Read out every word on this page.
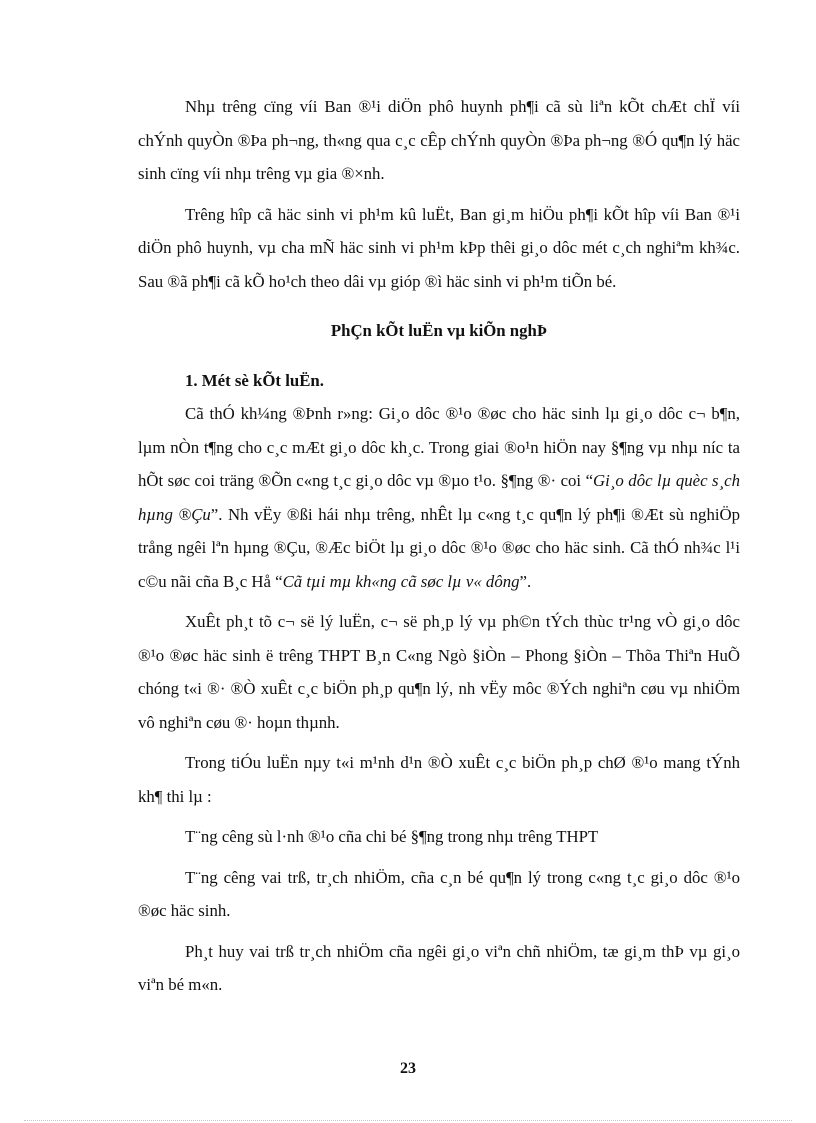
Nhµ trêng cïng víi Ban ®¹i diÖn phô huynh ph¶i cã sù liªn kÕt chÆt chÏ víi chÝnh quyÒn ®Þa ph¬ng, th«ng qua c¸c cÊp chÝnh quyÒn ®Þa ph¬ng ®Ó qu¶n lý häc sinh cïng víi nhµ trêng vµ gia ®×nh.

Trêng hîp cã häc sinh vi ph¹m kû luËt, Ban gi¸m hiÖu ph¶i kÕt hîp víi Ban ®¹i diÖn phô huynh, vµ cha mÑ häc sinh vi ph¹m kÞp thêi gi¸o dôc mét c¸ch nghiªm kh¾c. Sau ®ã ph¶i cã kÕ ho¹ch theo dâi vµ gióp ®ì häc sinh vi ph¹m tiÕn bé.

PhÇn kÕt luËn vµ kiÕn nghÞ

1. Mét sè kÕt luËn.

Cã thÓ kh¼ng ®Þnh r»ng: Gi¸o dôc ®¹o ®øc cho häc sinh lµ gi¸o dôc c¬ b¶n, lµm nÒn t¶ng cho c¸c mÆt gi¸o dôc kh¸c. Trong giai ®o¹n hiÖn nay §¶ng vµ nhµ níc ta hÕt søc coi träng ®Õn c«ng t¸c gi¸o dôc vµ ®µo t¹o. §¶ng ®· coi “Gi¸o dôc lµ quèc s¸ch hµng ®Çu”. Nh vËy ®ßi hái nhµ trêng, nhÊt lµ c«ng t¸c qu¶n lý ph¶i ®Æt sù nghiÖp trång ngêi lªn hµng ®Çu, ®Æc biÖt lµ gi¸o dôc ®¹o ®øc cho häc sinh. Cã thÓ nh¾c l¹i c©u nãi cña B¸c Hå “Cã tµi mµ kh«ng cã søc lµ v« dông”.

XuÊt ph¸t tõ c¬ së lý luËn, c¬ së ph¸p lý vµ ph©n tÝch thùc tr¹ng vÒ gi¸o dôc ®¹o ®øc häc sinh ë trêng THPT B¸n C«ng Ngò §iÒn – Phong §iÒn – Thõa Thiªn HuÕ chóng t«i ®· ®Ò xuÊt c¸c biÖn ph¸p qu¶n lý, nh vËy môc ®Ých nghiªn cøu vµ nhiÖm vô nghiªn cøu ®· hoµn thµnh.

Trong tiÓu luËn nµy t«i m¹nh d¹n ®Ò xuÊt c¸c biÖn ph¸p chØ ®¹o mang tÝnh kh¶ thi lµ :

T¨ng cêng sù l·nh ®¹o cña chi bé §¶ng trong nhµ trêng THPT

T¨ng cêng vai trß, tr¸ch nhiÖm, cña c¸n bé qu¶n lý trong c«ng t¸c gi¸o dôc ®¹o ®øc häc sinh.

Ph¸t huy vai trß tr¸ch nhiÖm cña ngêi gi¸o viªn chñ nhiÖm, tæ gi¸m thÞ vµ gi¸o viªn bé m«n.

23
